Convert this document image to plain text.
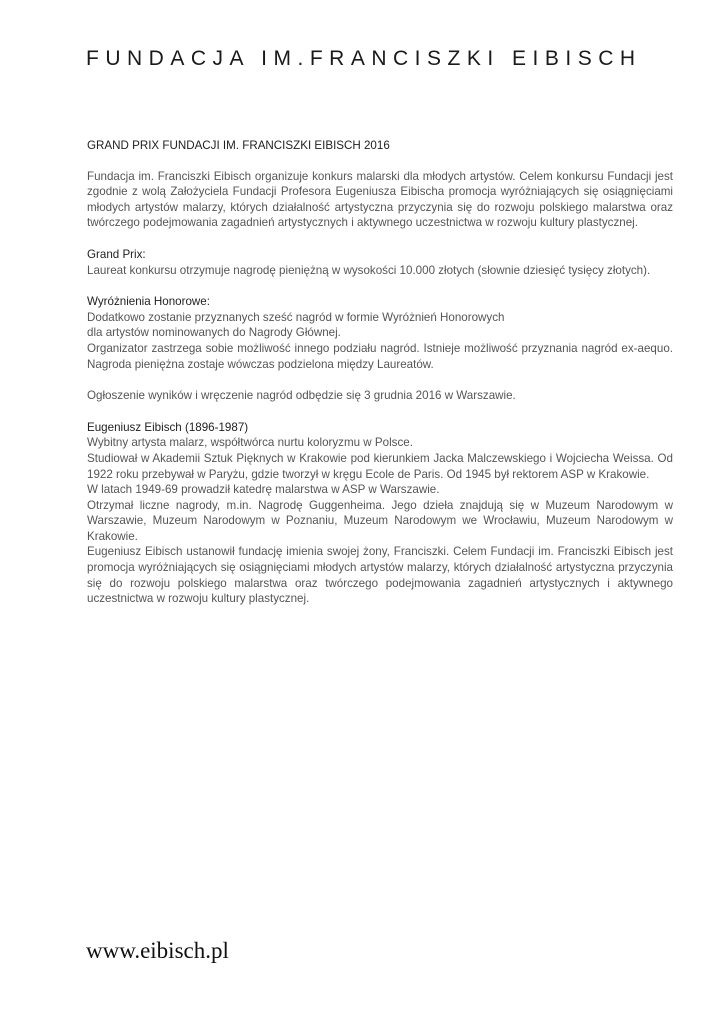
FUNDACJA IM.FRANCISZKI EIBISCH
GRAND PRIX FUNDACJI IM. FRANCISZKI EIBISCH 2016

Fundacja im. Franciszki Eibisch organizuje konkurs malarski dla młodych artystów. Celem konkursu Fundacji jest zgodnie z wolą Założyciela Fundacji Profesora Eugeniusza Eibischa promocja wyróżniających się osiągnięciami młodych artystów malarzy, których działalność artystyczna przyczynia się do rozwoju polskiego malarstwa oraz twórczego podejmowania zagadnień artystycznych i aktywnego uczestnictwa w rozwoju kultury plastycznej.

Grand Prix:

Laureat konkursu otrzymuje nagrodę pieniężną w wysokości 10.000 złotych (słownie dziesięć tysięcy złotych).

Wyróżnienia Honorowe:
Dodatkowo zostanie przyznanych sześć nagród w formie Wyróżnień Honorowych
dla artystów nominowanych do Nagrody Głównej.

Organizator zastrzega sobie możliwość innego podziału nagród. Istnieje możliwość przyznania nagród ex-aequo. Nagroda pieniężna zostaje wówczas podzielona między Laureatów.

Ogłoszenie wyników i wręczenie nagród odbędzie się 3 grudnia 2016 w Warszawie.

Eugeniusz Eibisch (1896-1987)
Wybitny artysta malarz, współtwórca nurtu koloryzmu w Polsce.

Studiował w Akademii Sztuk Pięknych w Krakowie pod kierunkiem Jacka Malczewskiego i Wojciecha Weissa. Od 1922 roku przebywał w Paryżu, gdzie tworzył w kręgu Ecole de Paris. Od 1945 był rektorem ASP w Krakowie.

W latach 1949-69 prowadził katedrę malarstwa w ASP w Warszawie.

Otrzymał liczne nagrody, m.in. Nagrodę Guggenheima. Jego dzieła znajdują się w Muzeum Narodowym w Warszawie, Muzeum Narodowym w Poznaniu, Muzeum Narodowym we Wrocławiu, Muzeum Narodowym w Krakowie.

Eugeniusz Eibisch ustanowił fundację imienia swojej żony, Franciszki. Celem Fundacji im. Franciszki Eibisch jest promocja wyróżniających się osiągnięciami młodych artystów malarzy, których działalność artystyczna przyczynia się do rozwoju polskiego malarstwa oraz twórczego podejmowania zagadnień artystycznych i aktywnego uczestnictwa w rozwoju kultury plastycznej.

www.eibisch.pl
